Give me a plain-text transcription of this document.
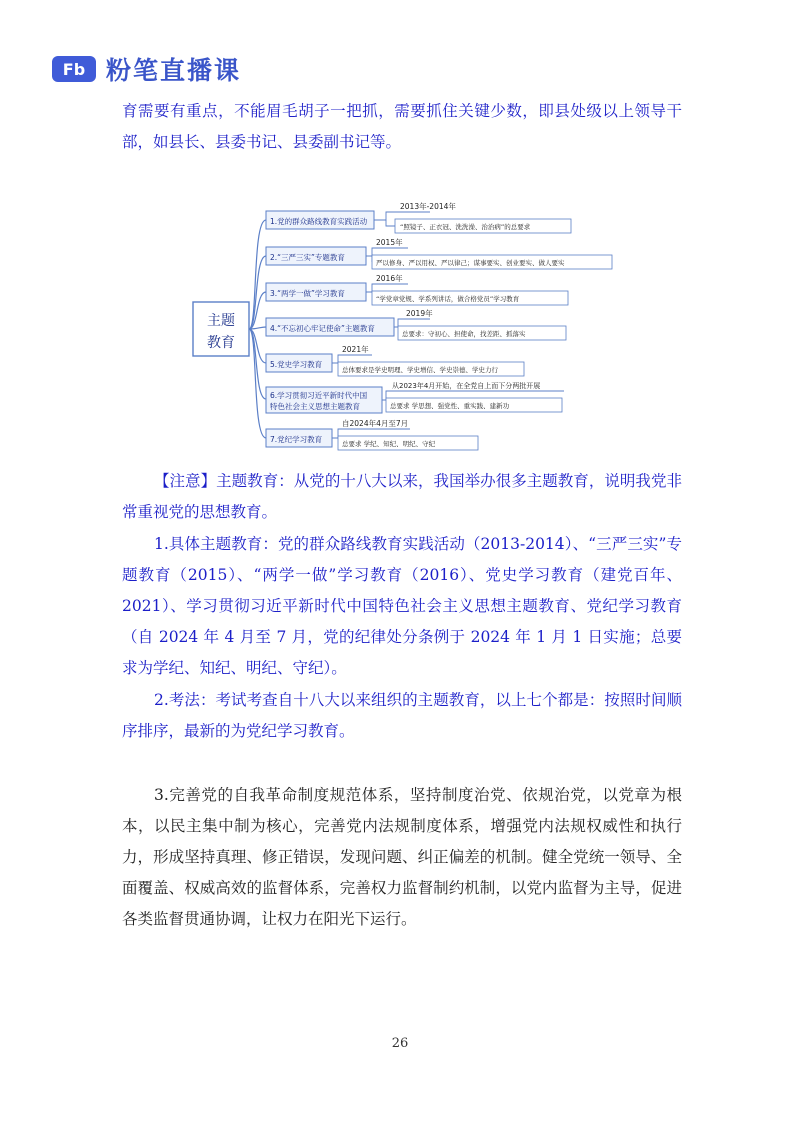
Fb 粉笔直播课

育需要有重点，不能眉毛胡子一把抓，需要抓住关键少数，即县处级以上领导干部，如县长、县委书记、县委副书记等。

主题
教育
1.党的群众路线教育实践活动
2013年-2014年
“照镜子、正衣冠、洗洗澡、治治病”的总要求
2.“三严三实”专题教育
2015年
严以修身、严以用权、严以律己；谋事要实、创业要实、做人要实
3.“两学一做”学习教育
2016年
“学党章党规、学系列讲话，做合格党员”学习教育
4.“不忘初心牢记使命”主题教育
2019年
总要求：守初心、担使命，找差距、抓落实
5.党史学习教育
2021年
总体要求是学史明理、学史增信、学史崇德、学史力行
6.学习贯彻习近平新时代中国
特色社会主义思想主题教育
从2023年4月开始，在全党自上而下分两批开展
总要求 学思想、强党性、重实践、建新功
7.党纪学习教育
自2024年4月至7月
总要求 学纪、知纪、明纪、守纪

【注意】主题教育：从党的十八大以来，我国举办很多主题教育，说明我党非常重视党的思想教育。

1.具体主题教育：党的群众路线教育实践活动（2013-2014）、“三严三实”专题教育（2015）、“两学一做”学习教育（2016）、党史学习教育（建党百年、2021）、学习贯彻习近平新时代中国特色社会主义思想主题教育、党纪学习教育（自 2024 年 4 月至 7 月，党的纪律处分条例于 2024 年 1 月 1 日实施；总要求为学纪、知纪、明纪、守纪）。

2.考法：考试考查自十八大以来组织的主题教育，以上七个都是：按照时间顺序排序，最新的为党纪学习教育。

3.完善党的自我革命制度规范体系，坚持制度治党、依规治党，以党章为根本，以民主集中制为核心，完善党内法规制度体系，增强党内法规权威性和执行力，形成坚持真理、修正错误，发现问题、纠正偏差的机制。健全党统一领导、全面覆盖、权威高效的监督体系，完善权力监督制约机制，以党内监督为主导，促进各类监督贯通协调，让权力在阳光下运行。

26
